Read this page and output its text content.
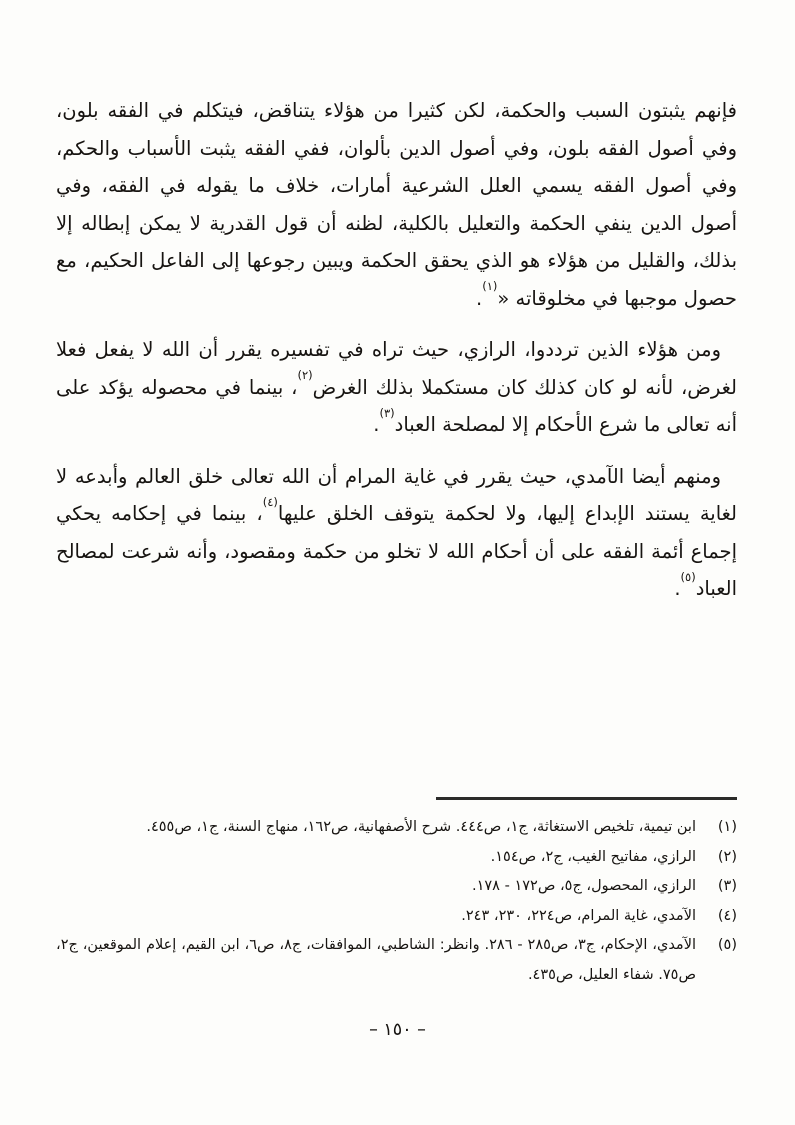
فإنهم يثبتون السبب والحكمة، لكن كثيرا من هؤلاء يتناقض، فيتكلم في الفقه بلون، وفي أصول الفقه بلون، وفي أصول الدين بألوان، ففي الفقه يثبت الأسباب والحكم، وفي أصول الفقه يسمي العلل الشرعية أمارات، خلاف ما يقوله في الفقه، وفي أصول الدين ينفي الحكمة والتعليل بالكلية، لظنه أن قول القدرية لا يمكن إبطاله إلا بذلك، والقليل من هؤلاء هو الذي يحقق الحكمة ويبين رجوعها إلى الفاعل الحكيم، مع حصول موجبها في مخلوقاته «$^{(١)}$.

ومن هؤلاء الذين ترددوا، الرازي، حيث تراه في تفسيره يقرر أن الله لا يفعل فعلا لغرض، لأنه لو كان كذلك كان مستكملا بذلك الغرض$^{(٢)}$، بينما في محصوله يؤكد على أنه تعالى ما شرع الأحكام إلا لمصلحة العباد$^{(٣)}$.

ومنهم أيضا الآمدي، حيث يقرر في غاية المرام أن الله تعالى خلق العالم وأبدعه لا لغاية يستند الإبداع إليها، ولا لحكمة يتوقف الخلق عليها$^{(٤)}$، بينما في إحكامه يحكي إجماع أئمة الفقه على أن أحكام الله لا تخلو من حكمة ومقصود، وأنه شرعت لمصالح العباد$^{(٥)}$.

(١)
ابن تيمية، تلخيص الاستغاثة، ج١، ص٤٤٤. شرح الأصفهانية، ص١٦٢، منهاج السنة، ج١، ص٤٥٥.
(٢)
الرازي، مفاتيح الغيب، ج٢، ص١٥٤.
(٣)
الرازي، المحصول، ج٥، ص١٧٢ - ١٧٨.
(٤)
الآمدي، غاية المرام، ص٢٢٤، ٢٣٠، ٢٤٣.
(٥)
الآمدي، الإحكام، ج٣، ص٢٨٥ - ٢٨٦. وانظر: الشاطبي، الموافقات، ج٨، ص٦، ابن القيم، إعلام الموقعين، ج٢، ص٧٥. شفاء العليل، ص٤٣٥.
– ١٥٠ –
